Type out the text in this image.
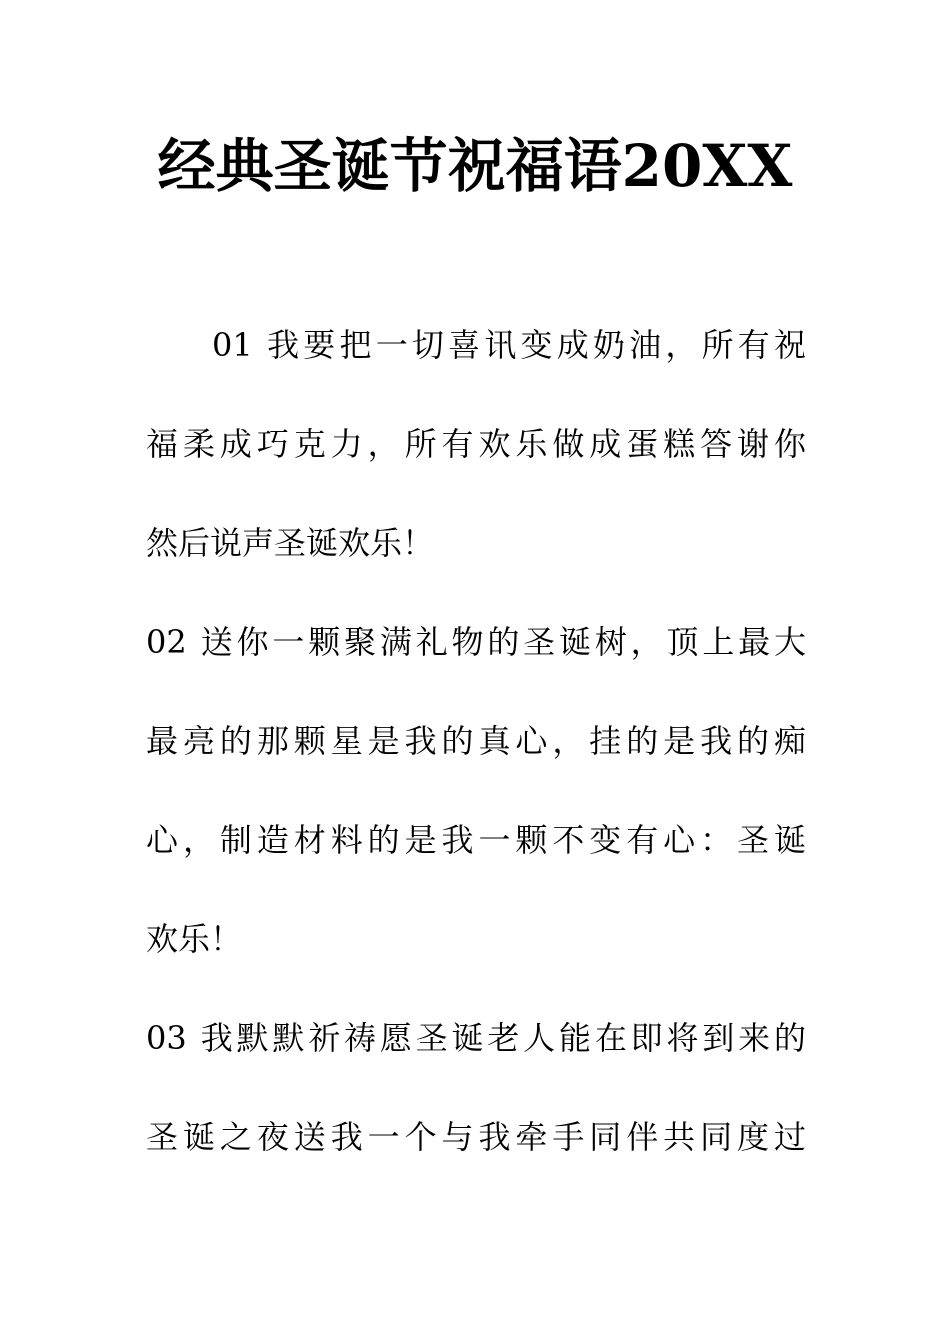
经典圣诞节祝福语20XX
01 我要把一切喜讯变成奶油，所有祝
福柔成巧克力，所有欢乐做成蛋糕答谢你
然后说声圣诞欢乐！
02 送你一颗聚满礼物的圣诞树，顶上最大
最亮的那颗星是我的真心，挂的是我的痴
心，制造材料的是我一颗不变有心：圣诞
欢乐！
03 我默默祈祷愿圣诞老人能在即将到来的
圣诞之夜送我一个与我牵手同伴共同度过
